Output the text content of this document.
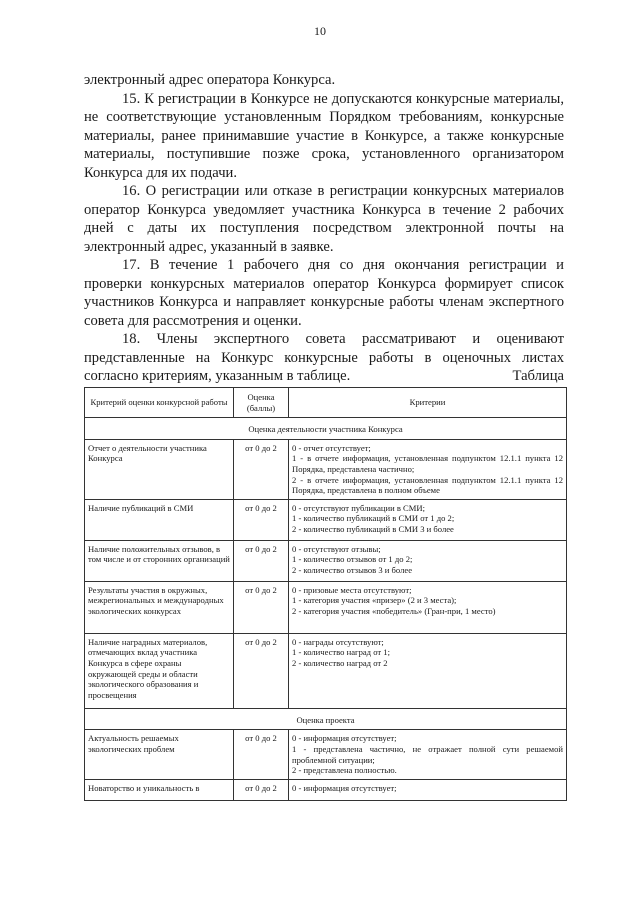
10

электронный адрес оператора Конкурса.

15. К регистрации в Конкурсе не допускаются конкурсные материалы, не соответствующие установленным Порядком требованиям, конкурсные материалы, ранее принимавшие участие в Конкурсе, а также конкурсные материалы, поступившие позже срока, установленного организатором Конкурса для их подачи.

16. О регистрации или отказе в регистрации конкурсных материалов оператор Конкурса уведомляет участника Конкурса в течение 2 рабочих дней с даты их поступления посредством электронной почты на электронный адрес, указанный в заявке.

17. В течение 1 рабочего дня со дня окончания регистрации и проверки конкурсных материалов оператор Конкурса формирует список участников Конкурса и направляет конкурсные работы членам экспертного совета для рассмотрения и оценки.

18. Члены экспертного совета рассматривают и оценивают представленные на Конкурс конкурсные работы в оценочных листах согласно критериям, указанным в таблице.	Таблица
Критерий оценки конкурсной работы	Оценка (баллы)	Критерии
Оценка деятельности участника Конкурса		
Отчет о деятельности участника Конкурса	от 0 до 2	0 - отчет отсутствует;
1 - в отчете информация, установленная подпунктом 12.1.1 пункта 12 Порядка, представлена частично;
2 - в отчете информация, установленная подпунктом 12.1.1 пункта 12 Порядка, представлена в полном объеме

Наличие публикаций в СМИ	от 0 до 2	0 - отсутствуют публикации в СМИ;
1 - количество публикаций в СМИ от 1 до 2;
2 - количество публикаций в СМИ 3 и более

Наличие положительных отзывов, в том числе и от сторонних организаций	от 0 до 2	0 - отсутствуют отзывы;
1 - количество отзывов от 1 до 2;
2 - количество отзывов 3 и более

Результаты участия в окружных, межрегиональных и международных экологических конкурсах	от 0 до 2	0 - призовые места отсутствуют;
1 - категория участия «призер» (2 и 3 места);
2 - категория участия «победитель» (Гран-при, 1 место)

Наличие наградных материалов, отмечающих вклад участника Конкурса в сфере охраны окружающей среды и области экологического образования и просвещения	от 0 до 2	0 - награды отсутствуют;
1 - количество наград от 1;
2 - количество наград от 2

Оценка проекта		
Актуальность решаемых экологических проблем	от 0 до 2	0 - информация отсутствует;
1 - представлена частично, не отражает полной сути решаемой проблемной ситуации;
2 - представлена полностью.

Новаторство и уникальность в	от 0 до 2	0 - информация отсутствует;
